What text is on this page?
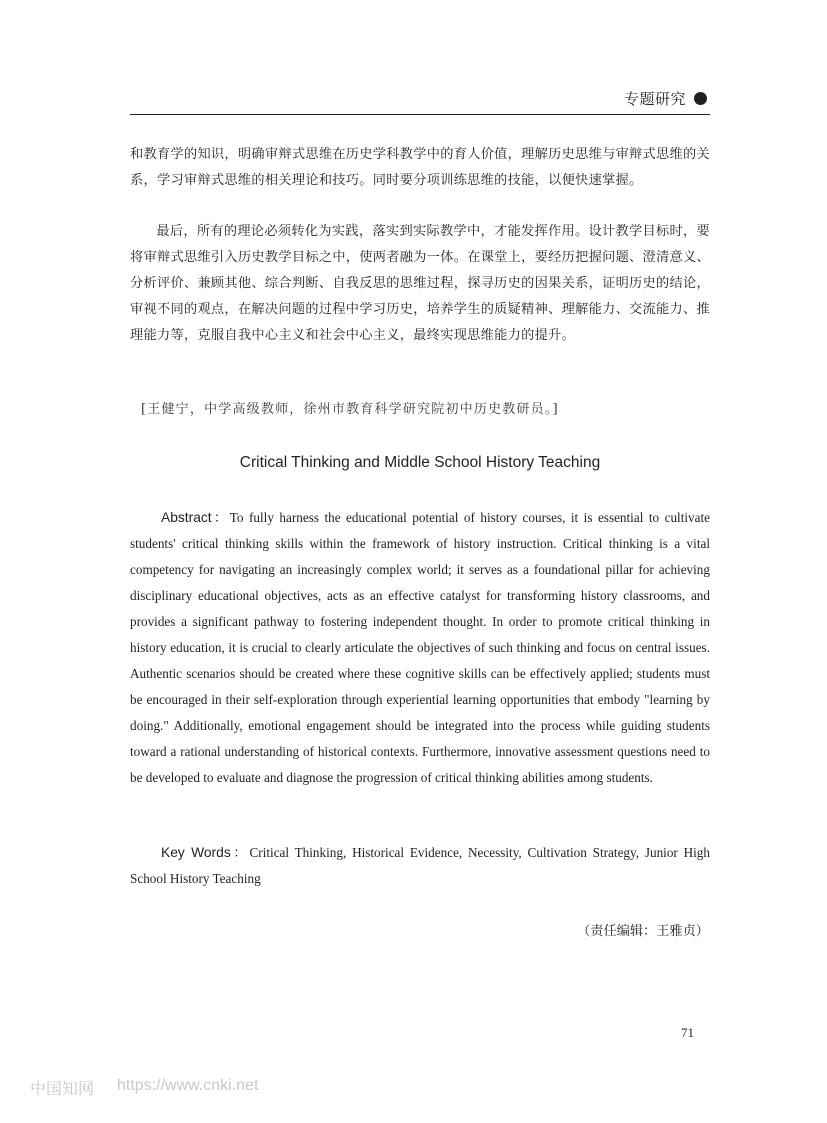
专题研究

和教育学的知识，明确审辩式思维在历史学科教学中的育人价值，理解历史思维与审辩式思维的关系，学习审辩式思维的相关理论和技巧。同时要分项训练思维的技能，以便快速掌握。

最后，所有的理论必须转化为实践，落实到实际教学中，才能发挥作用。设计教学目标时，要将审辩式思维引入历史教学目标之中，使两者融为一体。在课堂上，要经历把握问题、澄清意义、分析评价、兼顾其他、综合判断、自我反思的思维过程，探寻历史的因果关系，证明历史的结论，审视不同的观点，在解决问题的过程中学习历史，培养学生的质疑精神、理解能力、交流能力、推理能力等，克服自我中心主义和社会中心主义，最终实现思维能力的提升。

[王健宁，中学高级教师，徐州市教育科学研究院初中历史教研员。]
Critical Thinking and Middle School History Teaching

Abstract：To fully harness the educational potential of history courses, it is essential to cultivate students' critical thinking skills within the framework of history instruction. Critical thinking is a vital competency for navigating an increasingly complex world; it serves as a foundational pillar for achieving disciplinary educational objectives, acts as an effective catalyst for transforming history classrooms, and provides a significant pathway to fostering independent thought. In order to promote critical thinking in history education, it is crucial to clearly articulate the objectives of such thinking and focus on central issues. Authentic scenarios should be created where these cognitive skills can be effectively applied; students must be encouraged in their self-exploration through experiential learning opportunities that embody "learning by doing." Additionally, emotional engagement should be integrated into the process while guiding students toward a rational understanding of historical contexts. Furthermore, innovative assessment questions need to be developed to evaluate and diagnose the progression of critical thinking abilities among students.

Key Words：Critical Thinking, Historical Evidence, Necessity, Cultivation Strategy, Junior High School History Teaching

（责任编辑：王雅贞）
71
中国知网 https://www.cnki.net
